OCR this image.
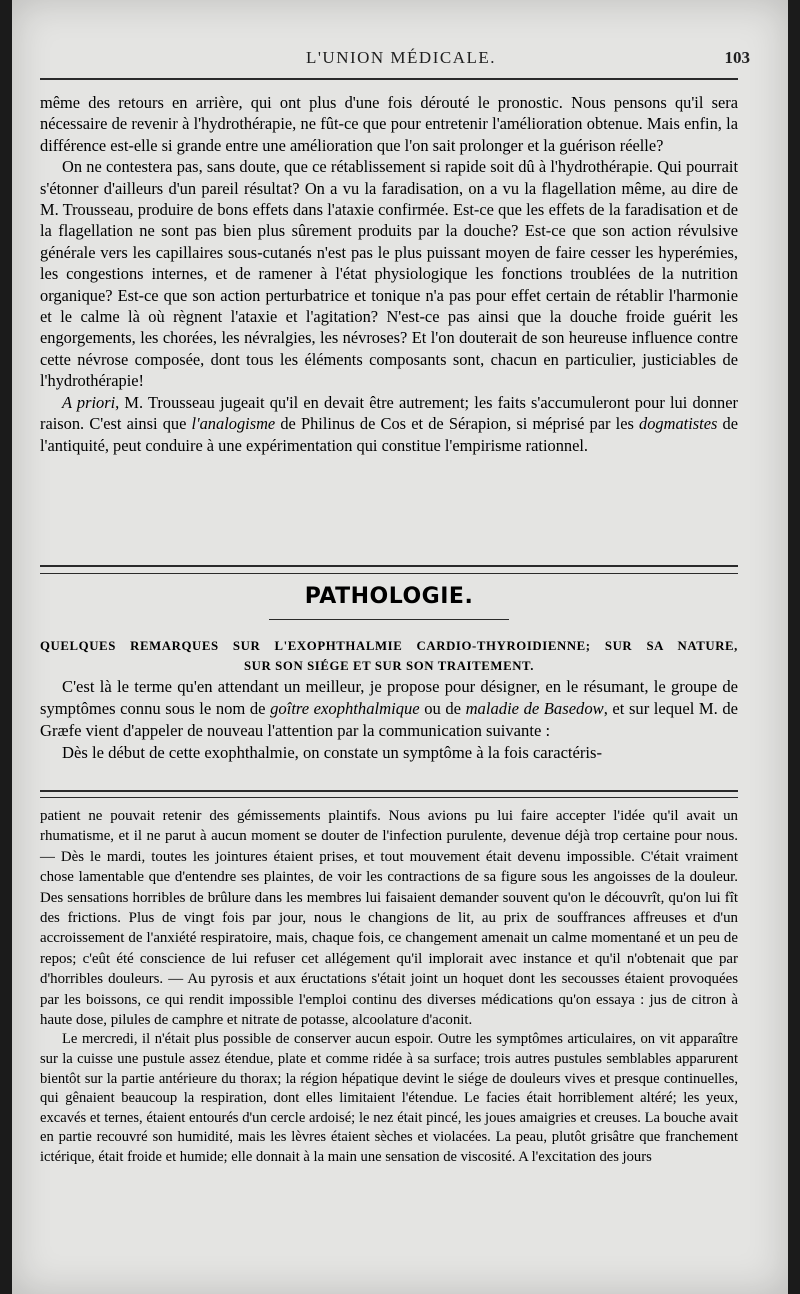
L'UNION MÉDICALE.	103

même des retours en arrière, qui ont plus d'une fois dérouté le pronostic. Nous pensons qu'il sera nécessaire de revenir à l'hydrothérapie, ne fût-ce que pour entretenir l'amélioration obtenue. Mais enfin, la différence est-elle si grande entre une amélioration que l'on sait prolonger et la guérison réelle?

On ne contestera pas, sans doute, que ce rétablissement si rapide soit dû à l'hydrothérapie. Qui pourrait s'étonner d'ailleurs d'un pareil résultat? On a vu la faradisation, on a vu la flagellation même, au dire de M. Trousseau, produire de bons effets dans l'ataxie confirmée. Est-ce que les effets de la faradisation et de la flagellation ne sont pas bien plus sûrement produits par la douche? Est-ce que son action révulsive générale vers les capillaires sous-cutanés n'est pas le plus puissant moyen de faire cesser les hyperémies, les congestions internes, et de ramener à l'état physiologique les fonctions troublées de la nutrition organique? Est-ce que son action perturbatrice et tonique n'a pas pour effet certain de rétablir l'harmonie et le calme là où règnent l'ataxie et l'agitation? N'est-ce pas ainsi que la douche froide guérit les engorgements, les chorées, les névralgies, les névroses? Et l'on douterait de son heureuse influence contre cette névrose composée, dont tous les éléments composants sont, chacun en particulier, justiciables de l'hydrothérapie!

A priori, M. Trousseau jugeait qu'il en devait être autrement; les faits s'accumuleront pour lui donner raison. C'est ainsi que l'analogisme de Philinus de Cos et de Sérapion, si méprisé par les dogmatistes de l'antiquité, peut conduire à une expérimentation qui constitue l'empirisme rationnel.

PATHOLOGIE.
QUELQUES REMARQUES SUR L'EXOPHTHALMIE CARDIO-THYROIDIENNE; SUR SA NATURE,
SUR SON SIÉGE ET SUR SON TRAITEMENT.

C'est là le terme qu'en attendant un meilleur, je propose pour désigner, en le résumant, le groupe de symptômes connu sous le nom de goître exophthalmique ou de maladie de Basedow, et sur lequel M. de Græfe vient d'appeler de nouveau l'attention par la communication suivante :

Dès le début de cette exophthalmie, on constate un symptôme à la fois caractéris-

patient ne pouvait retenir des gémissements plaintifs. Nous avions pu lui faire accepter l'idée qu'il avait un rhumatisme, et il ne parut à aucun moment se douter de l'infection purulente, devenue déjà trop certaine pour nous. — Dès le mardi, toutes les jointures étaient prises, et tout mouvement était devenu impossible. C'était vraiment chose lamentable que d'entendre ses plaintes, de voir les contractions de sa figure sous les angoisses de la douleur. Des sensations horribles de brûlure dans les membres lui faisaient demander souvent qu'on le découvrît, qu'on lui fît des frictions. Plus de vingt fois par jour, nous le changions de lit, au prix de souffrances affreuses et d'un accroissement de l'anxiété respiratoire, mais, chaque fois, ce changement amenait un calme momentané et un peu de repos; c'eût été conscience de lui refuser cet allégement qu'il implorait avec instance et qu'il n'obtenait que par d'horribles douleurs. — Au pyrosis et aux éructations s'était joint un hoquet dont les secousses étaient provoquées par les boissons, ce qui rendit impossible l'emploi continu des diverses médications qu'on essaya : jus de citron à haute dose, pilules de camphre et nitrate de potasse, alcoolature d'aconit.

Le mercredi, il n'était plus possible de conserver aucun espoir. Outre les symptômes articulaires, on vit apparaître sur la cuisse une pustule assez étendue, plate et comme ridée à sa surface; trois autres pustules semblables apparurent bientôt sur la partie antérieure du thorax; la région hépatique devint le siége de douleurs vives et presque continuelles, qui gênaient beaucoup la respiration, dont elles limitaient l'étendue. Le facies était horriblement altéré; les yeux, excavés et ternes, étaient entourés d'un cercle ardoisé; le nez était pincé, les joues amaigries et creuses. La bouche avait en partie recouvré son humidité, mais les lèvres étaient sèches et violacées. La peau, plutôt grisâtre que franchement ictérique, était froide et humide; elle donnait à la main une sensation de viscosité. A l'excitation des jours
